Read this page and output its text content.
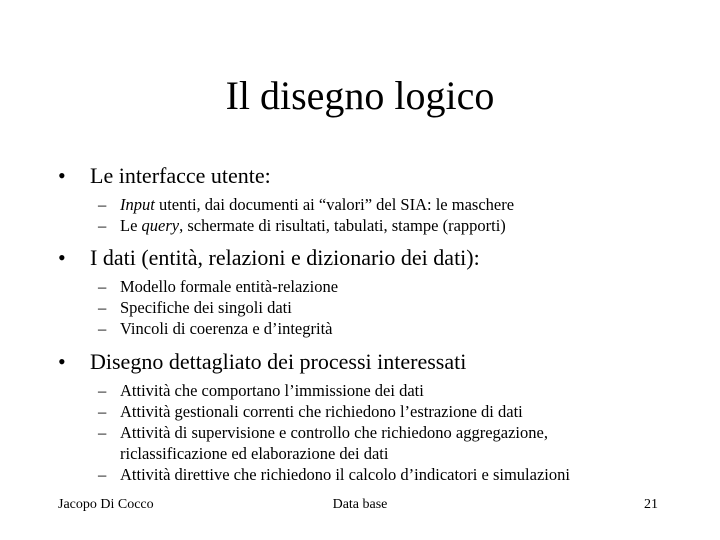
Il disegno logico
• Le interfacce utente:
– Input utenti, dai documenti ai “valori” del SIA: le maschere
– Le query, schermate di risultati, tabulati, stampe (rapporti)
• I dati (entità, relazioni e dizionario dei dati):
– Modello formale entità-relazione
– Specifiche dei singoli dati
– Vincoli di coerenza e d’integrità
• Disegno dettagliato dei processi interessati
– Attività che comportano l’immissione dei dati
– Attività gestionali correnti che richiedono l’estrazione di dati
– Attività di supervisione e controllo che richiedono aggregazione, riclassificazione ed elaborazione dei dati
– Attività direttive che richiedono il calcolo d’indicatori e simulazioni
Jacopo Di Cocco	Data base	21
